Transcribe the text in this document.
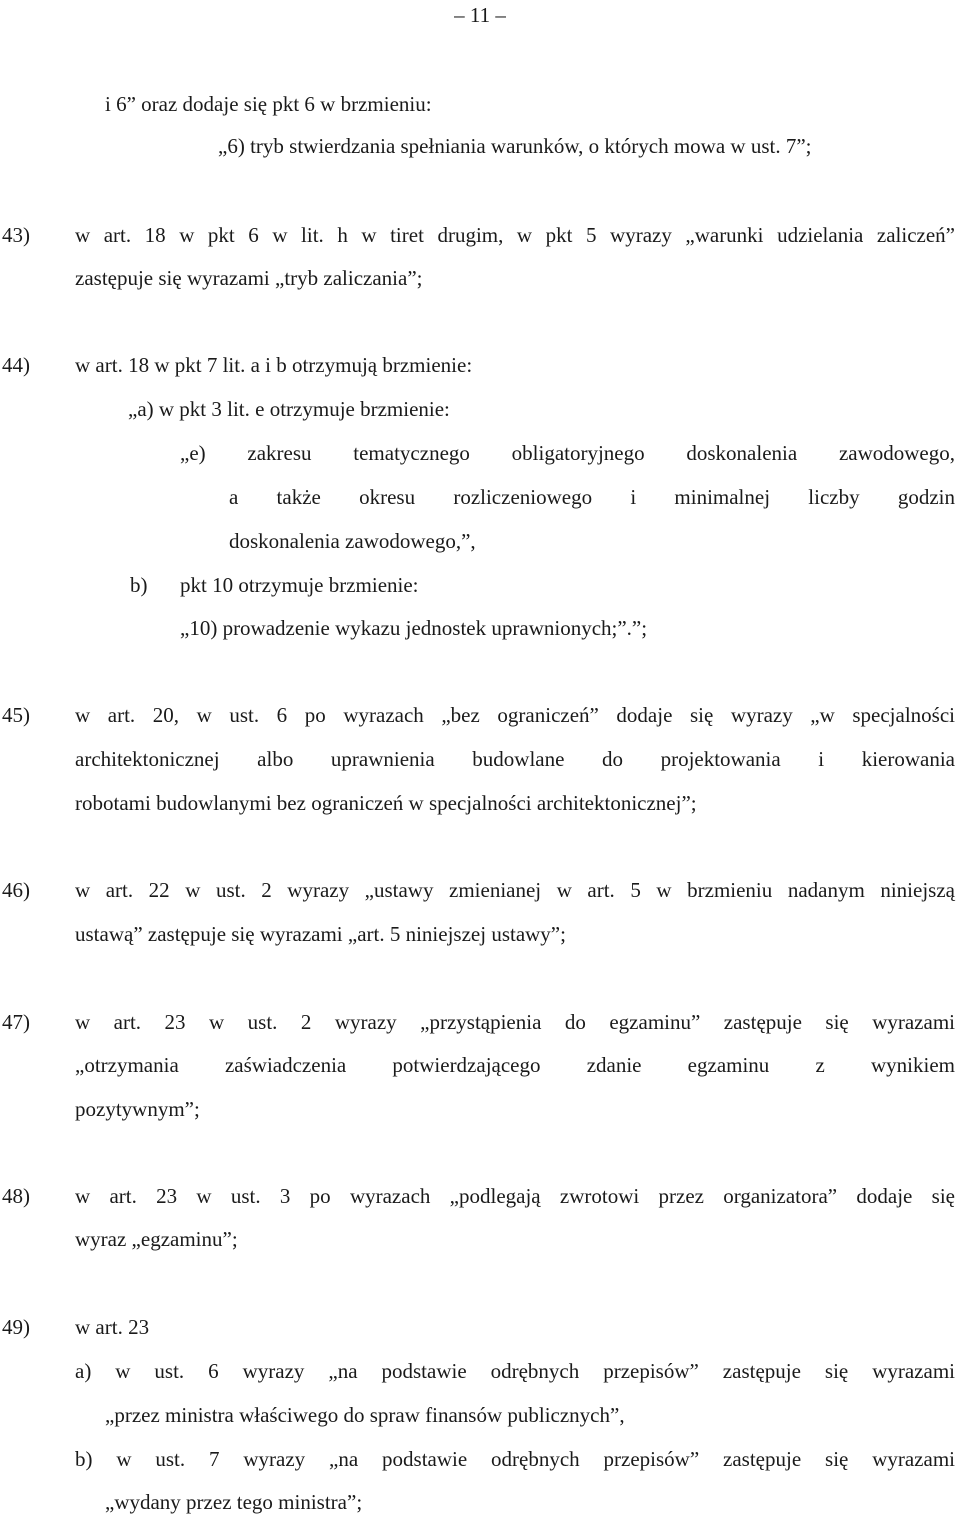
– 11 –
i 6” oraz dodaje się pkt 6 w brzmieniu:
„6) tryb stwierdzania spełniania warunków, o których mowa w ust. 7”;
43) w art. 18 w pkt 6 w lit. h w tiret drugim, w pkt 5 wyrazy „warunki udzielania zaliczeń”
zastępuje się wyrazami „tryb zaliczania”;
44) w art. 18 w pkt 7 lit. a i b otrzymują brzmienie:
„a) w pkt 3 lit. e otrzymuje brzmienie:
„e) zakresu tematycznego obligatoryjnego doskonalenia zawodowego,
a także okresu rozliczeniowego i minimalnej liczby godzin
doskonalenia zawodowego,”,
b) pkt 10 otrzymuje brzmienie:
„10) prowadzenie wykazu jednostek uprawnionych;”.”;
45) w art. 20, w ust. 6 po wyrazach „bez ograniczeń” dodaje się wyrazy „w specjalności
architektonicznej albo uprawnienia budowlane do projektowania i kierowania
robotami budowlanymi bez ograniczeń w specjalności architektonicznej”;
46) w art. 22 w ust. 2 wyrazy „ustawy zmienianej w art. 5 w brzmieniu nadanym niniejszą
ustawą” zastępuje się wyrazami „art. 5 niniejszej ustawy”;
47) w art. 23 w ust. 2 wyrazy „przystąpienia do egzaminu” zastępuje się wyrazami
„otrzymania zaświadczenia potwierdzającego zdanie egzaminu z wynikiem
pozytywnym”;
48) w art. 23 w ust. 3 po wyrazach „podlegają zwrotowi przez organizatora” dodaje się
wyraz „egzaminu”;
49) w art. 23
a) w ust. 6 wyrazy „na podstawie odrębnych przepisów” zastępuje się wyrazami
„przez ministra właściwego do spraw finansów publicznych”,
b) w ust. 7 wyrazy „na podstawie odrębnych przepisów” zastępuje się wyrazami
„wydany przez tego ministra”;
